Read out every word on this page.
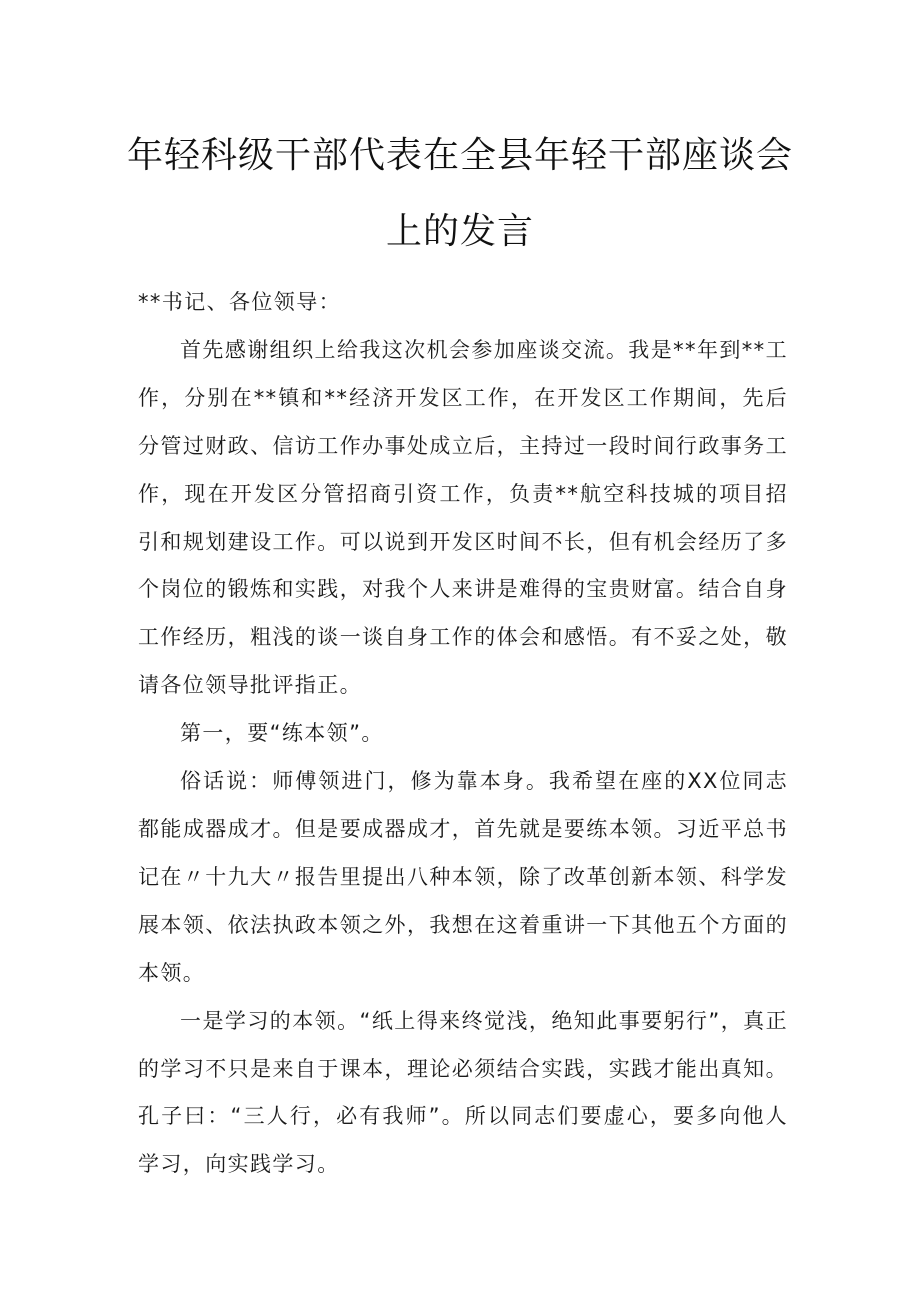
年轻科级干部代表在全县年轻干部座谈会
上的发言

**书记、各位领导：

首先感谢组织上给我这次机会参加座谈交流。我是**年到**工作，分别在**镇和**经济开发区工作，在开发区工作期间，先后分管过财政、信访工作办事处成立后，主持过一段时间行政事务工作，现在开发区分管招商引资工作，负责**航空科技城的项目招引和规划建设工作。可以说到开发区时间不长，但有机会经历了多个岗位的锻炼和实践，对我个人来讲是难得的宝贵财富。结合自身工作经历，粗浅的谈一谈自身工作的体会和感悟。有不妥之处，敬请各位领导批评指正。

第一，要“练本领”。

俗话说：师傅领进门，修为靠本身。我希望在座的XX位同志都能成器成才。但是要成器成才，首先就是要练本领。习近平总书记在〃十九大〃报告里提出八种本领，除了改革创新本领、科学发展本领、依法执政本领之外，我想在这着重讲一下其他五个方面的本领。

一是学习的本领。“纸上得来终觉浅，绝知此事要躬行”，真正的学习不只是来自于课本，理论必须结合实践，实践才能出真知。孔子曰：“三人行，必有我师”。所以同志们要虚心，要多向他人学习，向实践学习。
